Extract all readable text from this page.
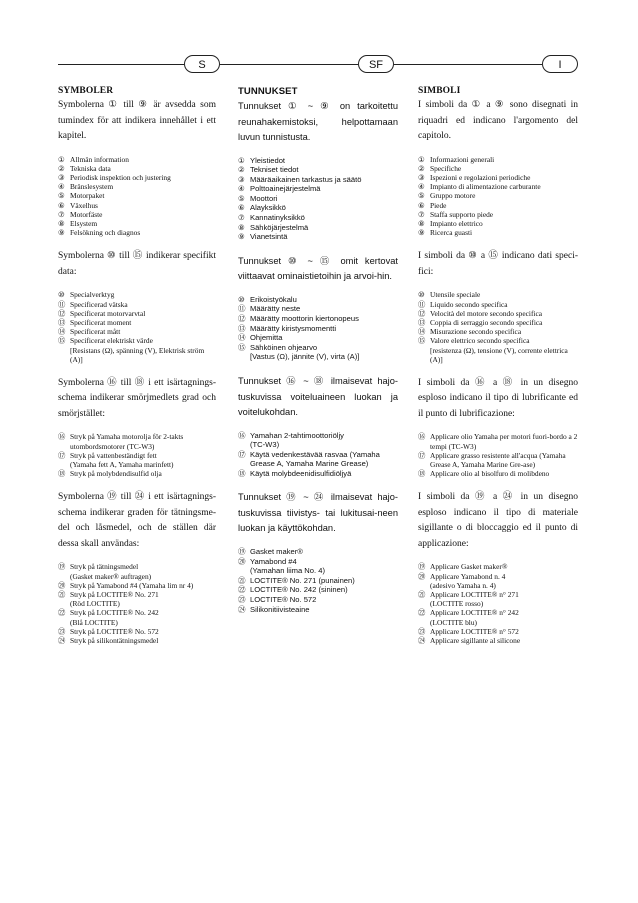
S	SF	I
SYMBOLER

Symbolerna ① till ⑨ är avsedda som tumindex för att indikera innehållet i ett kapitel.

① Allmän information
② Tekniska data
③ Periodisk inspektion och justering
④ Bränslesystem
⑤ Motorpaket
⑥ Växelhus
⑦ Motorfäste
⑧ Elsystem
⑨ Felsökning och diagnos

Symbolerna ⑩ till ⑮ indikerar specifikt data:

⑩ Specialverktyg
⑪ Specificerad vätska
⑫ Specificerat motorvarvtal
⑬ Specificerat moment
⑭ Specificerat mått
⑮ Specificerat elektriskt värde
[Resistans (Ω), spänning (V), Elektrisk ström (A)]

Symbolerna ⑯ till ⑱ i ett isärtagnings-schema indikerar smörjmedlets grad och smörjstället:

⑯ Stryk på Yamaha motorolja för 2-takts utombordsmotorer (TC-W3)
⑰ Stryk på vattenbeständigt fett
(Yamaha fett A, Yamaha marinfett)
⑱ Stryk på molybdendisulfid olja

Symbolerna ⑲ till ㉔ i ett isärtagnings-schema indikerar graden för tätningsme-del och låsmedel, och de ställen där dessa skall användas:

⑲ Stryk på tätningsmedel
(Gasket maker® auftragen)
⑳ Stryk på Yamabond #4 (Yamaha lim nr 4)
㉑ Stryk på LOCTITE® No. 271
(Röd LOCTITE)
㉒ Stryk på LOCTITE® No. 242
(Blå LOCTITE)
㉓ Stryk på LOCTITE® No. 572
㉔ Stryk på silikontätningsmedel
TUNNUKSET

Tunnukset ① ~ ⑨ on tarkoitettu reunahakemistoksi, helpottamaan luvun tunnistusta.

① Yleistiedot
② Tekniset tiedot
③ Määräaikainen tarkastus ja säätö
④ Polttoainejärjestelmä
⑤ Moottori
⑥ Alayksikkö
⑦ Kannatinyksikkö
⑧ Sähköjärjestelmä
⑨ Vianetsintä

Tunnukset ⑩ ~ ⑮ omit kertovat viittaavat ominaistietoihin ja arvoi-hin.

⑩ Erikoistyökalu
⑪ Määrätty neste
⑫ Määrätty moottorin kiertonopeus
⑬ Määrätty kiristysmomentti
⑭ Ohjemitta
⑮ Sähköinen ohjearvo
[Vastus (Ω), jännite (V), virta (A)]

Tunnukset ⑯ ~ ⑱ ilmaisevat hajo-tuskuvissa voiteluaineen luokan ja voitelukohdan.

⑯ Yamahan 2-tahtimoottoriöljy
(TC-W3)
⑰ Käytä vedenkestävää rasvaa (Yamaha Grease A, Yamaha Marine Grease)
⑱ Käytä molybdeenidisulfidiöljyä

Tunnukset ⑲ ~ ㉔ ilmaisevat hajo-tuskuvissa tiivistys- tai lukitusai-neen luokan ja käyttökohdan.

⑲ Gasket maker®
⑳ Yamabond #4
(Yamahan liima No. 4)
㉑ LOCTITE® No. 271 (punainen)
㉒ LOCTITE® No. 242 (sininen)
㉓ LOCTITE® No. 572
㉔ Silikonitiivisteaine
SIMBOLI

I simboli da ① a ⑨ sono disegnati in riquadri ed indicano l'argomento del capitolo.

① Informazioni generali
② Specifiche
③ Ispezioni e regolazioni periodiche
④ Impianto di alimentazione carburante
⑤ Gruppo motore
⑥ Piede
⑦ Staffa supporto piede
⑧ Impianto elettrico
⑨ Ricerca guasti

I simboli da ⑩ a ⑮ indicano dati speci-fici:

⑩ Utensile speciale
⑪ Liquido secondo specifica
⑫ Velocità del motore secondo specifica
⑬ Coppia di serraggio secondo specifica
⑭ Misurazione secondo specifica
⑮ Valore elettrico secondo specifica
[resistenza (Ω), tensione (V), corrente elettrica (A)]

I simboli da ⑯ a ⑱ in un disegno esploso indicano il tipo di lubrificante ed il punto di lubrificazione:

⑯ Applicare olio Yamaha per motori fuori-bordo a 2 tempi (TC-W3)
⑰ Applicare grasso resistente all'acqua (Yamaha Grease A, Yamaha Marine Gre-ase)
⑱ Applicare olio al bisolfuro di molibdeno

I simboli da ⑲ a ㉔ in un disegno esploso indicano il tipo di materiale sigillante o di bloccaggio ed il punto di applicazione:

⑲ Applicare Gasket maker®
⑳ Applicare Yamabond n. 4
(adesivo Yamaha n. 4)
㉑ Applicare LOCTITE® n° 271
(LOCTITE rosso)
㉒ Applicare LOCTITE® n° 242
(LOCTITE blu)
㉓ Applicare LOCTITE® n° 572
㉔ Applicare sigillante al silicone
